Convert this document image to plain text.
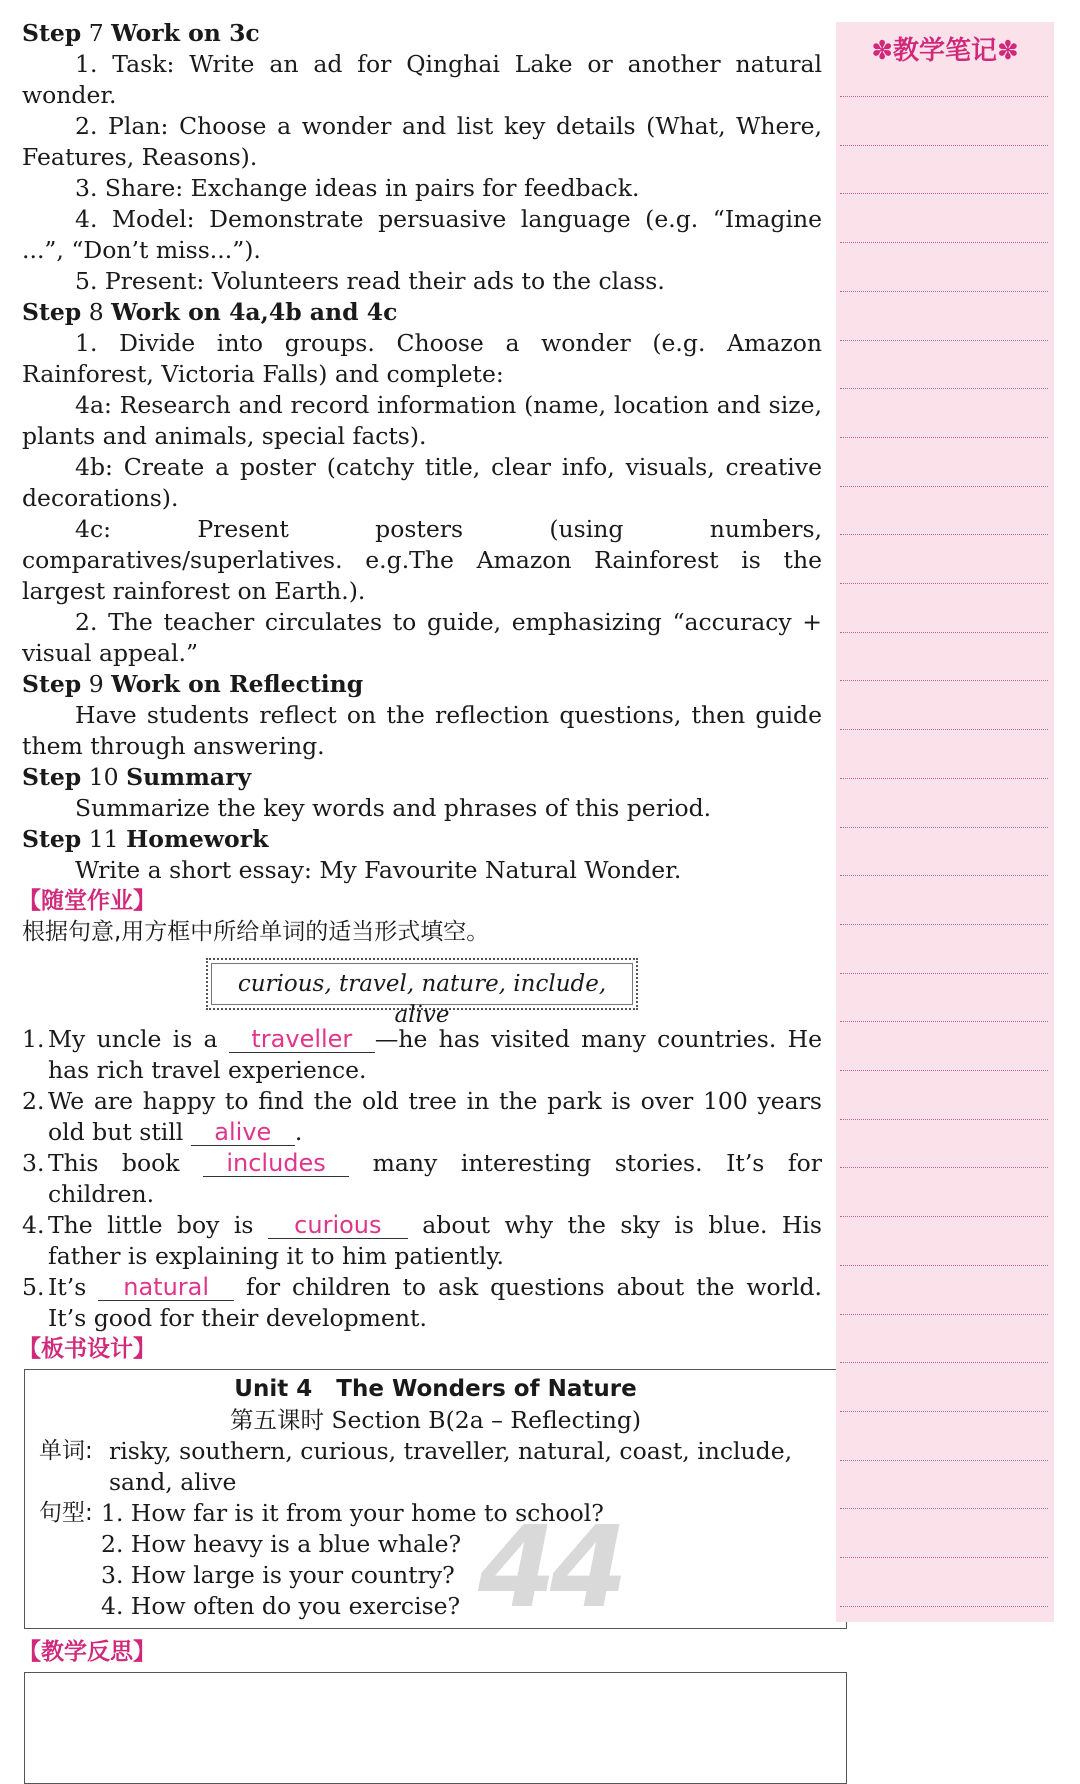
Step 7 Work on 3c
1. Task: Write an ad for Qinghai Lake or another natural wonder.
2. Plan: Choose a wonder and list key details (What, Where, Features, Reasons).
3. Share: Exchange ideas in pairs for feedback.
4. Model: Demonstrate persuasive language (e.g. “Imagine ...”, “Don’t miss...”).
5. Present: Volunteers read their ads to the class.
Step 8 Work on 4a,4b and 4c
1. Divide into groups. Choose a wonder (e.g. Amazon Rainforest, Victoria Falls) and complete:
4a: Research and record information (name, location and size, plants and animals, special facts).
4b: Create a poster (catchy title, clear info, visuals, creative decorations).
4c: Present posters (using numbers, comparatives/superlatives. e.g.The Amazon Rainforest is the largest rainforest on Earth.).
2. The teacher circulates to guide, emphasizing “accuracy + visual appeal.”
Step 9 Work on Reflecting
Have students reflect on the reflection questions, then guide them through answering.
Step 10 Summary
Summarize the key words and phrases of this period.
Step 11 Homework
Write a short essay: My Favourite Natural Wonder.
【随堂作业】
根据句意,用方框中所给单词的适当形式填空。
curious, travel, nature, include, alive
1. My uncle is a traveller —he has visited many countries. He has rich travel experience.
2. We are happy to find the old tree in the park is over 100 years old but still alive .
3. This book includes many interesting stories. It’s for children.
4. The little boy is curious about why the sky is blue. His father is explaining it to him patiently.
5. It’s natural for children to ask questions about the world. It’s good for their development.
【板书设计】
Unit 4 The Wonders of Nature
第五课时 Section B(2a – Reflecting)
单词: risky, southern, curious, traveller, natural, coast, include, sand, alive
句型: 1. How far is it from your home to school?
2. How heavy is a blue whale?
3. How large is your country?
4. How often do you exercise?
【教学反思】
44
✽教学笔记✽
